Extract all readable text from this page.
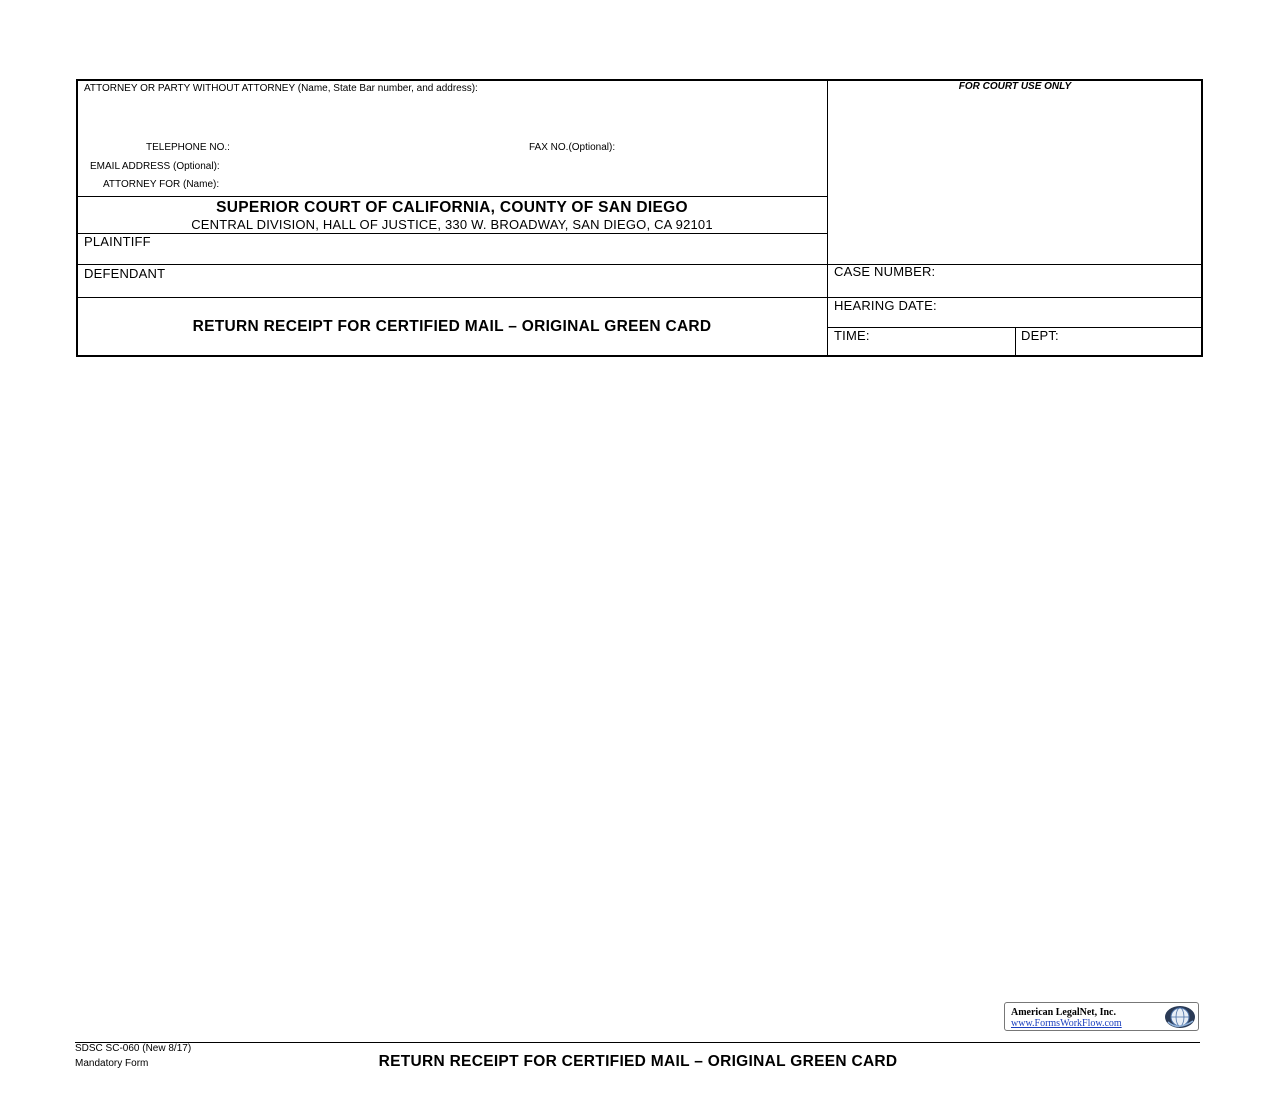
ATTORNEY OR PARTY WITHOUT ATTORNEY (Name, State Bar number, and address):
TELEPHONE NO.:	FAX NO.(Optional):
EMAIL ADDRESS (Optional):
ATTORNEY FOR (Name):
FOR COURT USE ONLY
SUPERIOR COURT OF CALIFORNIA, COUNTY OF SAN DIEGO
CENTRAL DIVISION, HALL OF JUSTICE, 330 W. BROADWAY, SAN DIEGO, CA 92101
PLAINTIFF
DEFENDANT	CASE NUMBER:
HEARING DATE:
TIME:	DEPT:
RETURN RECEIPT FOR CERTIFIED MAIL – ORIGINAL GREEN CARD
American LegalNet, Inc.
www.FormsWorkFlow.com
SDSC SC-060 (New 8/17)
Mandatory Form	RETURN RECEIPT FOR CERTIFIED MAIL – ORIGINAL GREEN CARD
